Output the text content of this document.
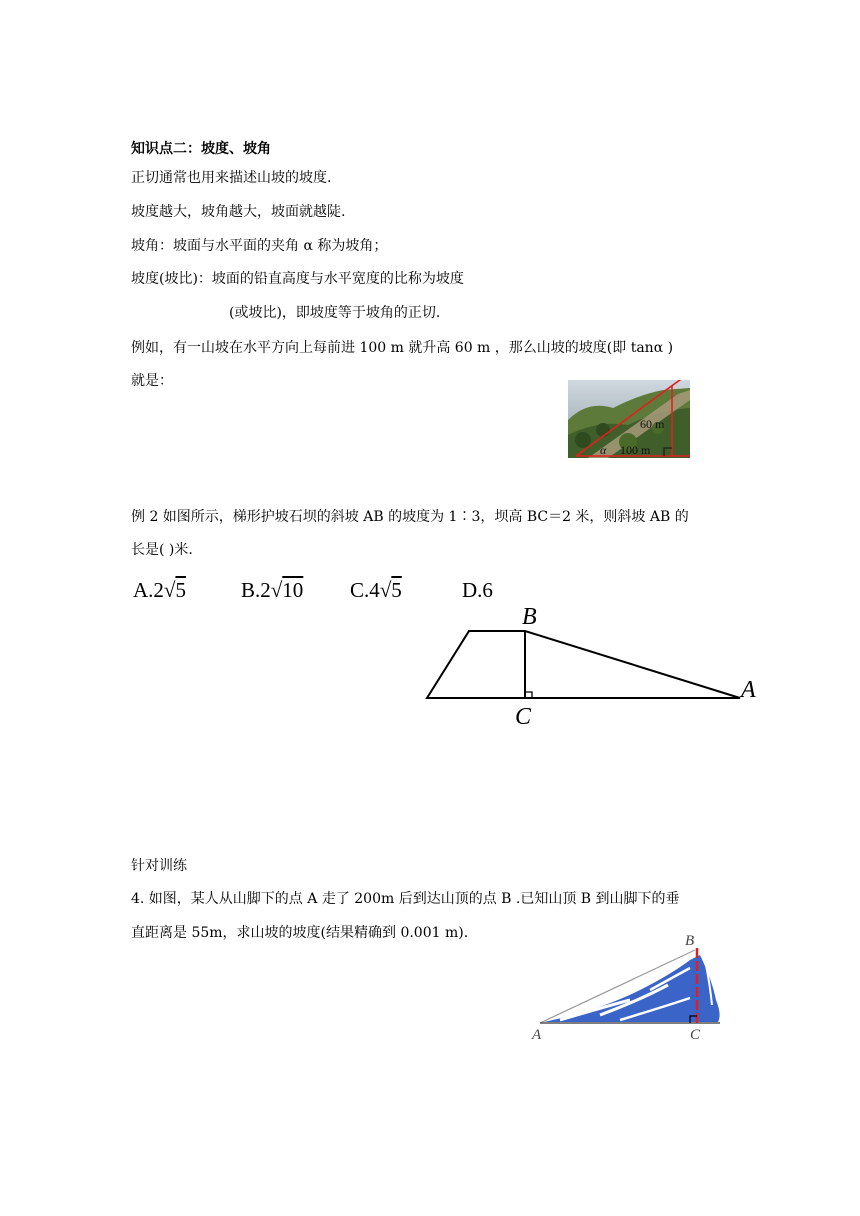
知识点二：坡度、坡角
正切通常也用来描述山坡的坡度.
坡度越大，坡角越大，坡面就越陡.
坡角：坡面与水平面的夹角 α 称为坡角；
坡度(坡比)：坡面的铅直高度与水平宽度的比称为坡度
(或坡比)，即坡度等于坡角的正切.
例如，有一山坡在水平方向上每前进 100 m 就升高 60 m ，那么山坡的坡度(即 tanα )
就是：
60 m
α 100 m
例 2 如图所示，梯形护坡石坝的斜坡 AB 的坡度为 1∶3，坝高 BC＝2 米，则斜坡 AB 的
长是( )米.
A.2√5	B.2√10 C.4√5	D.6
B
C
A
针对训练
4. 如图，某人从山脚下的点 A 走了 200m 后到达山顶的点 B .已知山顶 B 到山脚下的垂
直距离是 55m，求山坡的坡度(结果精确到 0.001 m).
A
B
C
